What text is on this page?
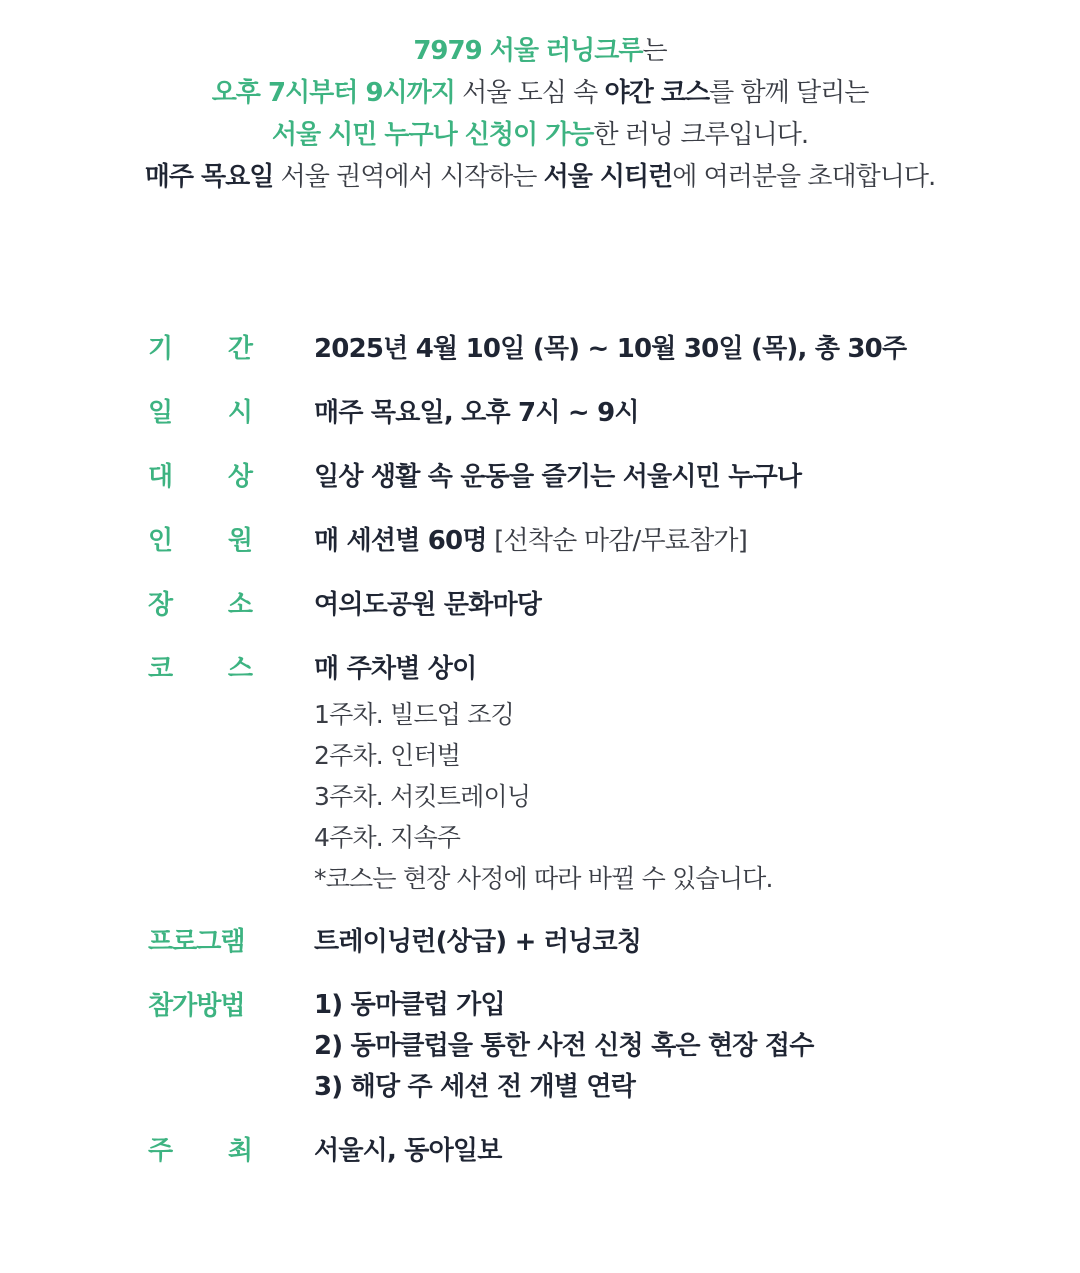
7979 서울 러닝크루는
오후 7시부터 9시까지 서울 도심 속 야간 코스를 함께 달리는
서울 시민 누구나 신청이 가능한 러닝 크루입니다.
매주 목요일 서울 권역에서 시작하는 서울 시티런에 여러분을 초대합니다.
기 간 2025년 4월 10일 (목) ~ 10월 30일 (목), 총 30주
일 시 매주 목요일, 오후 7시 ~ 9시
대 상 일상 생활 속 운동을 즐기는 서울시민 누구나
인 원 매 세션별 60명 [선착순 마감/무료참가]
장 소 여의도공원 문화마당
코 스 매 주차별 상이
1주차. 빌드업 조깅
2주차. 인터벌
3주차. 서킷트레이닝
4주차. 지속주
*코스는 현장 사정에 따라 바뀔 수 있습니다.
프로그램	트레이닝런(상급) + 러닝코칭
참가방법	1) 동마클럽 가입
2) 동마클럽을 통한 사전 신청 혹은 현장 접수
3) 해당 주 세션 전 개별 연락
주 최 서울시, 동아일보
